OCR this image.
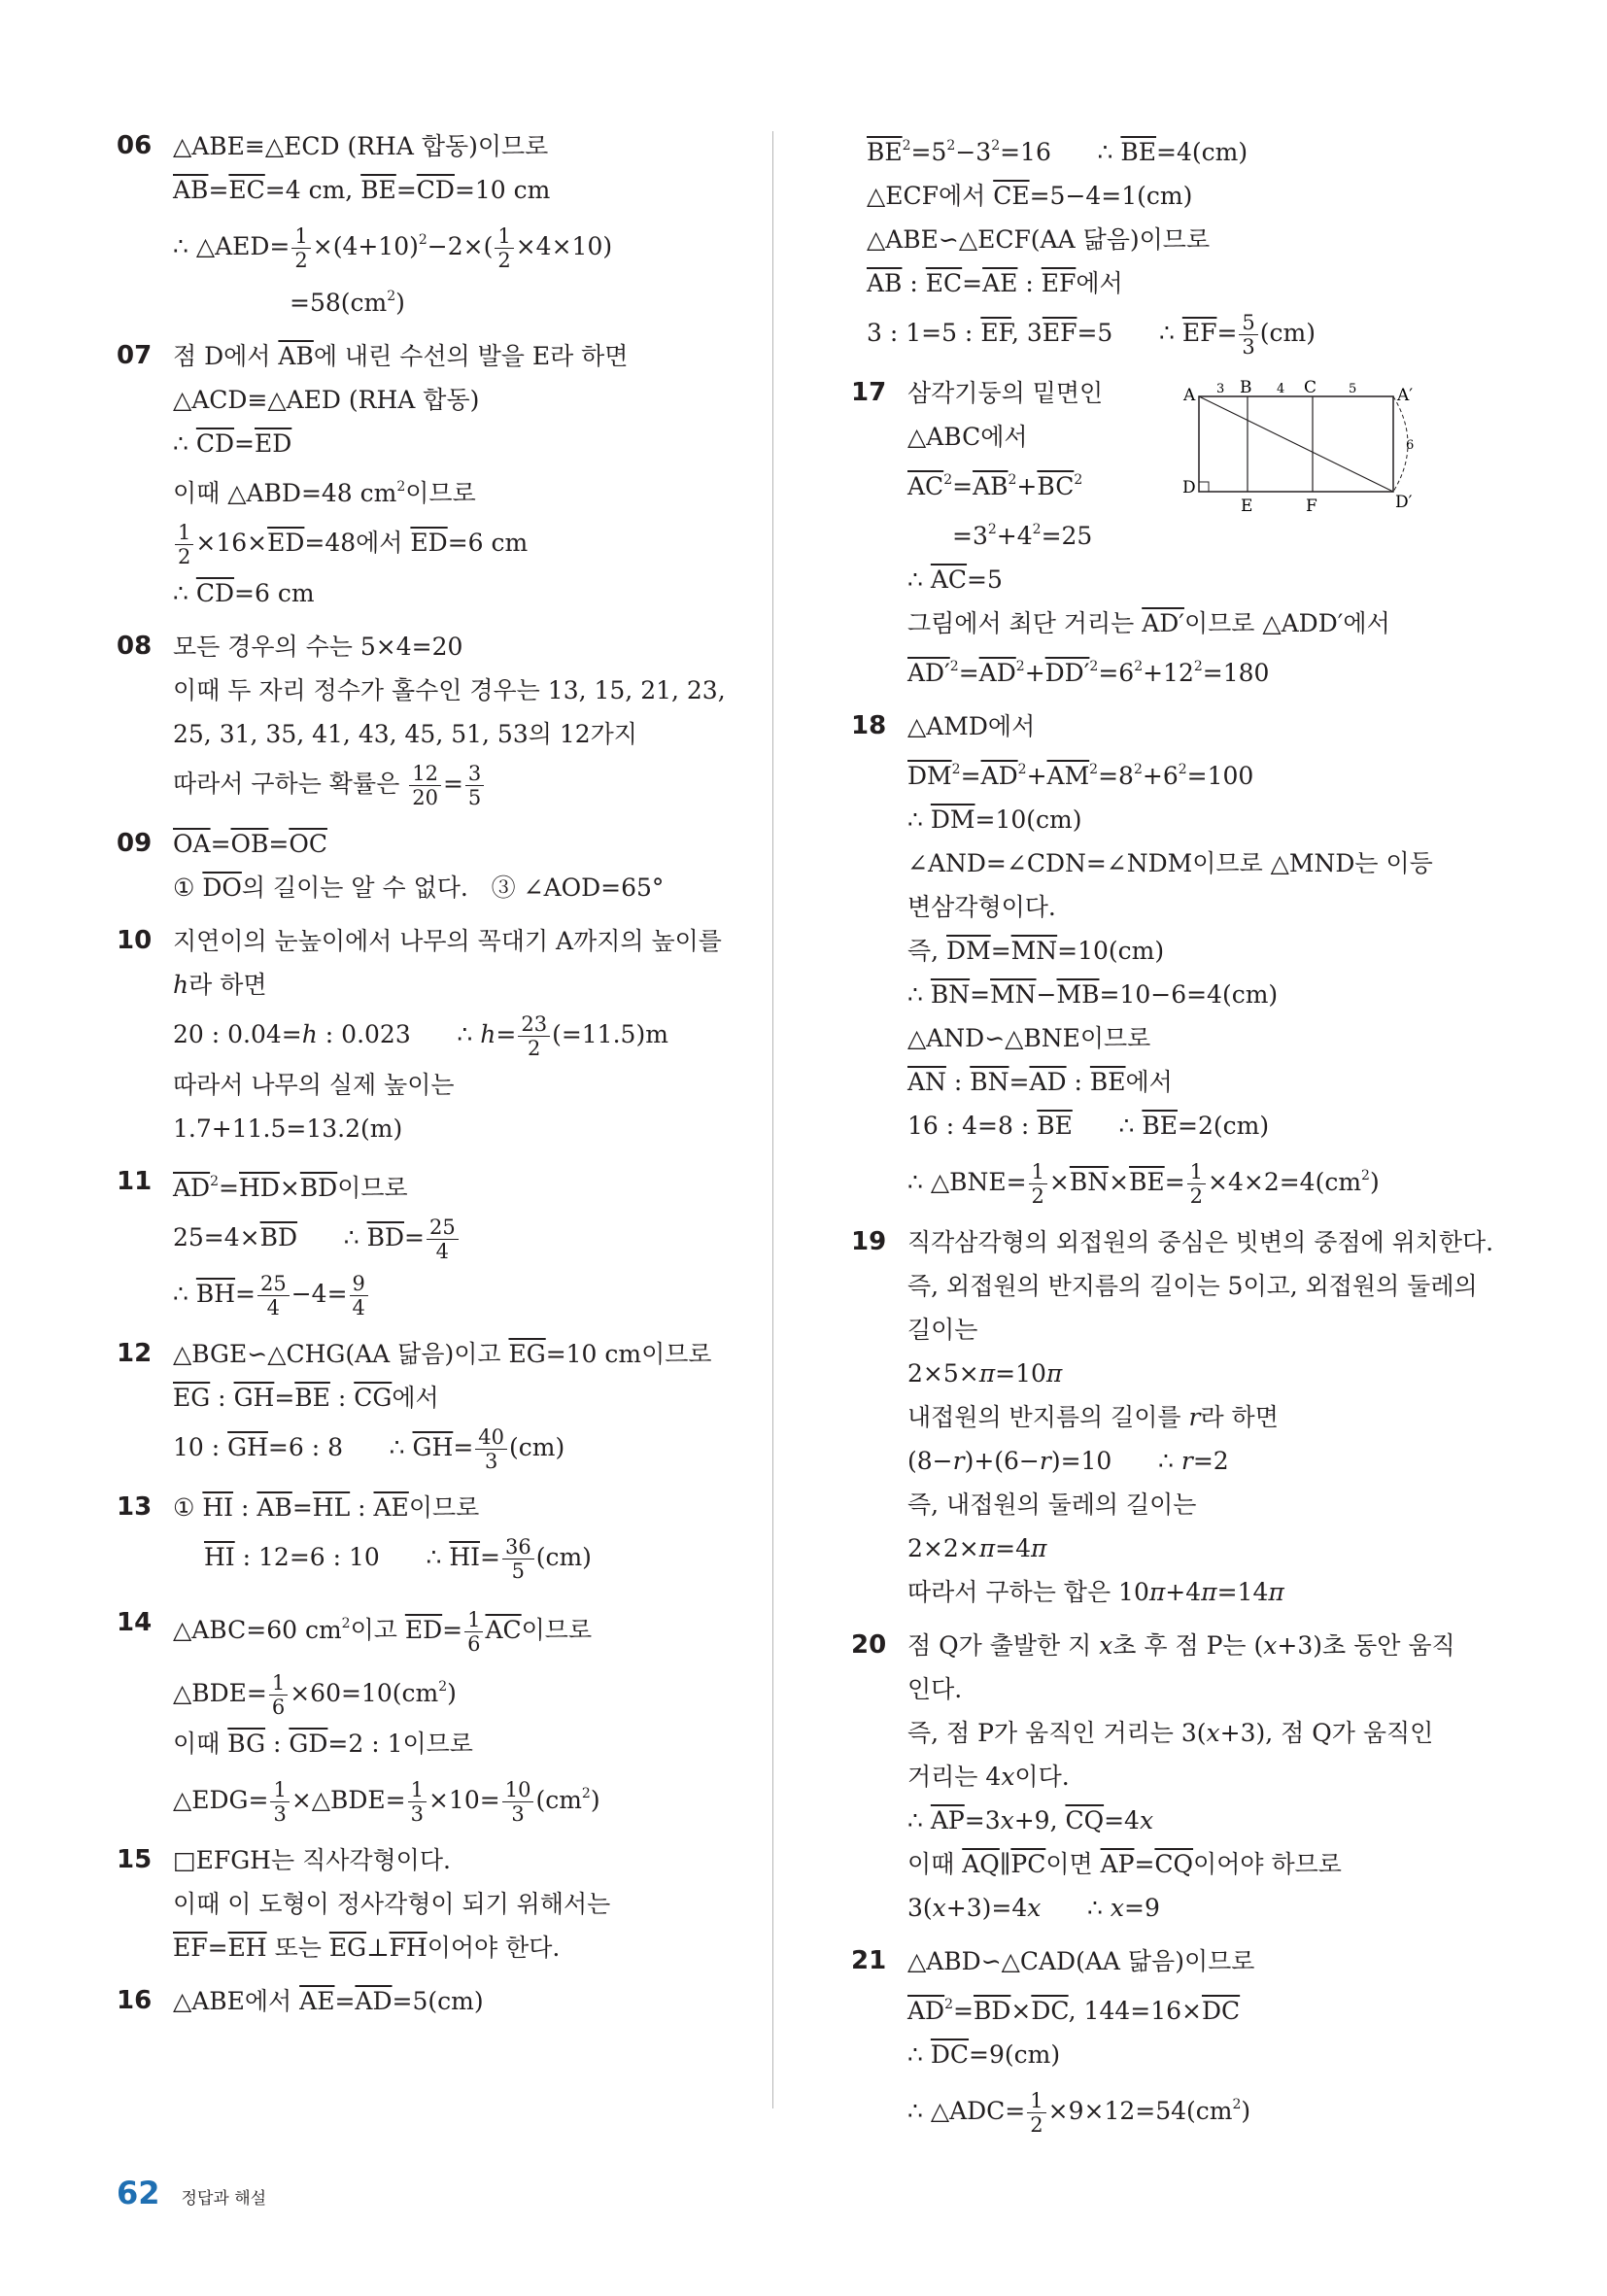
06 △ABE≡△ECD (RHA 합동)이므로
$\overline{AB}=\overline{EC}=4$ cm, $\overline{BE}=\overline{CD}=10$ cm
∴ △AED= $\frac{1}{2} \times(4+10)^2-2\times( \frac{1}{2} \times 4\times 10)$
$=58(cm^2)$
07 점 D에서 $\overline{AB}$에 내린 수선의 발을 E라 하면
△ACD≡△AED (RHA 합동)
∴ $\overline{CD}=\overline{ED}$
이때 △ABD=48 $cm^2$이므로
$\frac{1}{2} \times 16\times\overline{ED}=48$에서 $\overline{ED}=6$ cm
∴ $\overline{CD}=6$ cm
08 모든 경우의 수는 5×4=20
이때 두 자리 정수가 홀수인 경우는 13, 15, 21, 23,
25, 31, 35, 41, 43, 45, 51, 53의 12가지
따라서 구하는 확률은 $\frac{12}{20} = \frac{3}{5}$
09 $\overline{OA}=\overline{OB}=\overline{OC}$
① $\overline{DO}$의 길이는 알 수 없다.   ③ ∠AOD=65°
10 지연이의 눈높이에서 나무의 꼭대기 A까지의 높이를
h라 하면
20 : 0.04=h : 0.023      ∴ $h= \frac{23}{2} (=11.5)m$
따라서 나무의 실제 높이는
1.7+11.5=13.2(m)
11 $\overline{AD}^2=\overline{HD}\times\overline{BD}$이므로
$25=4\times\overline{BD}$      ∴ $\overline{BD}= \frac{25}{4}$
∴ $\overline{BH}= \frac{25}{4} -4= \frac{9}{4}$
12 △BGE∽△CHG(AA 닮음)이고 $\overline{EG}=10$ cm이므로
$\overline{EG}$ : $\overline{GH}=\overline{BE}$ : $\overline{CG}$에서
10 : $\overline{GH}=6$ : 8      ∴ $\overline{GH}= \frac{40}{3} (cm)$
13 ① $\overline{HI}$ : $\overline{AB}=\overline{HL}$ : $\overline{AE}$이므로
$\overline{HI}$ : 12=6 : 10      ∴ $\overline{HI}= \frac{36}{5} (cm)$
14 △ABC=60 $cm^2$이고 $\overline{ED}= \frac{1}{6} \overline{AC}$이므로
△BDE= $\frac{1}{6} \times 60=10(cm^2)$
이때 $\overline{BG}$ : $\overline{GD}=2$ : 1이므로
△EDG= $\frac{1}{3}$ ×△BDE= $\frac{1}{3} \times 10= \frac{10}{3} (cm^2)$
15 □EFGH는 직사각형이다.
이때 이 도형이 정사각형이 되기 위해서는
$\overline{EF}=\overline{EH}$ 또는 $\overline{EG}\perp\overline{FH}$이어야 한다.
16 △ABE에서 $\overline{AE}=\overline{AD}=5(cm)$
$\overline{BE}^2=5^2-3^2=16$      ∴ $\overline{BE}=4(cm)$
△ECF에서 $\overline{CE}=5-4=1(cm)$
△ABE∽△ECF(AA 닮음)이므로
$\overline{AB}$ : $\overline{EC}=\overline{AE}$ : $\overline{EF}$에서
3 : 1=5 : $\overline{EF}$, $3\overline{EF}=5$      ∴ $\overline{EF}= \frac{5}{3} (cm)$
17	A 3 B 4 C	5 A′
D
E	F	D′
6
삼각기둥의 밑면인
△ABC에서
$\overline{AC}^2=\overline{AB}^2+\overline{BC}^2$
$=3^2+4^2=25$
∴ $\overline{AC}=5$
그림에서 최단 거리는 AD′이므로 △ADD′에서
$AD'^2=\overline{AD}^2+DD'^2=6^2+12^2=180$
18 △AMD에서
$\overline{DM}^2=\overline{AD}^2+\overline{AM}^2=8^2+6^2=100$
∴ $\overline{DM}=10(cm)$
∠AND=∠CDN=∠NDM이므로 △MND는 이등
변삼각형이다.
즉, $\overline{DM}=\overline{MN}=10(cm)$
∴ $\overline{BN}=\overline{MN}-\overline{MB}=10-6=4(cm)$
△AND∽△BNE이므로
$\overline{AN}$ : $\overline{BN}=\overline{AD}$ : $\overline{BE}$에서
16 : 4=8 : $\overline{BE}$      ∴ $\overline{BE}=2(cm)$
∴ △BNE= $\frac{1}{2} \times\overline{BN}\times\overline{BE}= \frac{1}{2} \times 4\times 2=4(cm^2)$
19 직각삼각형의 외접원의 중심은 빗변의 중점에 위치한다.
즉, 외접원의 반지름의 길이는 5이고, 외접원의 둘레의
길이는
2×5×π=10π
내접원의 반지름의 길이를 r라 하면
(8−r)+(6−r)=10      ∴ r=2
즉, 내접원의 둘레의 길이는
2×2×π=4π
따라서 구하는 합은 10π+4π=14π
20 점 Q가 출발한 지 x초 후 점 P는 (x+3)초 동안 움직
인다.
즉, 점 P가 움직인 거리는 3(x+3), 점 Q가 움직인
거리는 4x이다.
∴ $\overline{AP}=3x+9$, $\overline{CQ}=4x$
이때 $\overline{AQ}\parallel\overline{PC}$이면 $\overline{AP}=\overline{CQ}$이어야 하므로
3(x+3)=4x      ∴ x=9
21 △ABD∽△CAD(AA 닮음)이므로
$\overline{AD}^2=\overline{BD}\times\overline{DC}$, $144=16\times\overline{DC}$
∴ $\overline{DC}=9(cm)$
∴ △ADC= $\frac{1}{2} \times 9\times 12=54(cm^2)$
62 정답과 해설
